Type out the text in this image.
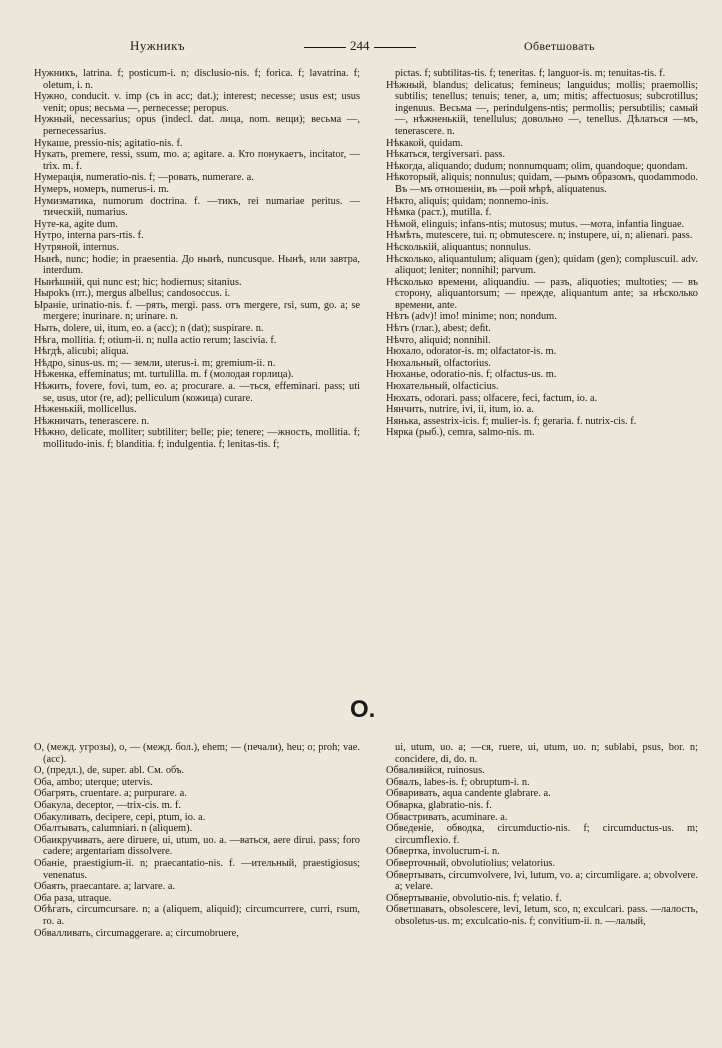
Нужникъ	244	Обветшовать

Нужникъ, latrina. f; posticum-i. n; disclusio-nis. f; forica. f; lavatrina. f; oletum, i. n.

Нужно, conducit. v. imp (съ in acc; dat.); interest; necesse; usus est; usus venit; opus; весьма —, pernecesse; peropus.

Нужный, necessarius; opus (indecl. dat. лица, nom. вещи); весьма —, pernecessarius.

Нукаше, pressio-nis; agitatio-nis. f.

Нукать, premere, ressi, ssum, mo. a; agitare. a. Кто понукаетъ, incitator, —trix. m. f.

Нумерація, numeratio-nis. f; —ровать, numerare. a.

Нумеръ, номеръ, numerus-i. m.

Нумизматика, numorum doctrina. f. —тикъ, rei numariae peritus. —тическій, numarius.

Нуте-ка, agite dum.

Нутро, interna pars-rtis. f.

Нутряной, internus.

Нынѣ, nunc; hodie; in praesentia. До нынѣ, nuncusque. Нынѣ, или завтра, interdum.

Нынѣшній, qui nunc est; hic; hodiernus; sitanius.

Ныроkъ (пт.), mergus albellus; candosoccus. i.

Ыраніе, urinatio-nis. f. —рять, mergi. pass. отъ mergere, rsi, sum, go. a; se mergere; inurinare. n; urinare. n.

Ныть, dolere, ui, itum, eo. a (acc); n (dat); suspirare. n.

Нѣга, mollitia. f; otium-ii. n; nulla actio rerum; lascivia. f.

Нѣгдѣ, alicubi; aliqua.

Нѣдро, sinus-us. m; — земли, uterus-i. m; gremium-ii. n.

Нѣженка, effeminatus; mt. turtulilla. m. f (молодая горлица).

Нѣжить, fovere, fovi, tum, eo. a; procurare. a. —ться, effeminari. pass; uti se, usus, utor (re, ad); pelliculum (кожица) curare.

Нѣженькій, mollicellus.

Нѣжничать, tenerascere. n.

Нѣжно, delicate, molliter; subtiliter; belle; pie; tenere; —жность, mollitia. f; mollitudo-inis. f; blanditia. f; indulgentia. f; lenitas-tis. f;

pictas. f; subtilitas-tis. f; teneritas. f; languor-is. m; tenuitas-tis. f.

Нѣжный, blandus; delicatus; femineus; languidus; mollis; praemollis; subtilis; tenellus; tenuis; tener, a, um; mitis; affectuosus; subcrotillus; ingenuus. Весьма —, perindulgens-ntis; permollis; persubtilis; самый —, нѣжненькій, tenellulus; довольно —, tenellus. Дѣлаться —мъ, tenerascere. n.

Нѣкакой, quidam.

Нѣкаться, tergiversari. pass.

Нѣкогда, aliquando; dudum; nonnumquam; olim, quandoque; quondam.

Нѣкоторый, aliquis; nonnulus; quidam, —рымъ образомъ, quodammodo. Въ —мъ отношеніи, въ —рой мѣрѣ, aliquatenus.

Нѣкто, aliquis; quidam; nonnemo-inis.

Нѣмка (раст.), mutilla. f.

Нѣмой, elinguis; infans-ntis; mutosus; mutus. —мота, infantia linguae.

Нѣмѣть, mutescere, tui. n; obmutescere. n; instupere, ui, n; alienari. pass.

Нѣсколькій, aliquantus; nonnulus.

Нѣсколько, aliquantulum; aliquam (gen); quidam (gen); compluscuil. adv. aliquot; leniter; nonnihil; parvum.

Нѣсколько времени, aliquandiu. — разъ, aliquoties; multoties; — въ сторону, aliquantorsum; — прежде, aliquantum ante; за нѣсколько времени, ante.

Нѣтъ (adv)! imo! minime; non; nondum.

Нѣтъ (глаг.), abest; deﬁt.

Нѣчто, aliquid; nonnihil.

Нюхало, odorator-is. m; olfactator-is. m.

Нюхальный, olfactorius.

Нюханье, odoratio-nis. f; olfactus-us. m.

Нюхательный, olfacticius.

Нюхать, odorari. pass; olfacere, feci, factum, io. a.

Нянчить, nutrire, ivi, ii, itum, io. a.

Нянька, assestrix-icis. f; mulier-is. f; geraria. f. nutrix-cis. f.

Нярка (рыб.), cemra, salmo-nis. m.

O.

О, (межд. угрозы), o, — (межд. бол.), ehem; — (печали), heu; o; proh; vae. (acc).

О, (предл.), de, super. abl. См. объ.

Оба, ambo; uterque; utervis.

Обагрять, cruentare. a; purpurare. a.

Обакула, deceptor, —trix-cis. m. f.

Обакуливать, decipere, cepi, ptum, io. a.

Обалтывать, calumniari. n (aliquem).

Обаикручивать, aere diruere, ui, utum, uo. a. —ваться, aere dirui. pass; foro cadere; argentariam dissolvere.

Обаніе, praestigium-ii. n; praecantatio-nis. f. —ительный, praestigiosus; venenatus.

Обаять, praecantare. a; larvare. a.

Оба раза, utraque.

Обѣгать, circumcursare. n; a (aliquem, aliquid); circumcurrere, curri, rsum, ro. a.

Обвалливать, circumaggerare. a; circumobruere,

ui, utum, uo. a; —ся, ruere, ui, utum, uo. n; sublabi, psus, bor. n; concidere, di, do. n.

Обваливійся, ruinosus.

Обвалъ, labes-is. f; obruptum-i. n.

Обваривать, aqua candente glabrare. a.

Обварка, glabratio-nis. f.

Обвастривать, acuminare. a.

Обведеніе, обводка, circumductio-nis. f; circumductus-us. m; circumflexio. f.

Обвертка, involucrum-i. n.

Обверточный, obvolutiolius; velatorius.

Обвертывать, circumvolvere, lvi, lutum, vo. a; circumligare. a; obvolvere. a; velare.

Обвертываніе, obvolutio-nis. f; velatio. f.

Обветшавать, obsolescere, levi, letum, sco, n; exculcari. pass. —лалость, obsoletus-us. m; exculcatio-nis. f; convitium-ii. n. —лалый,
